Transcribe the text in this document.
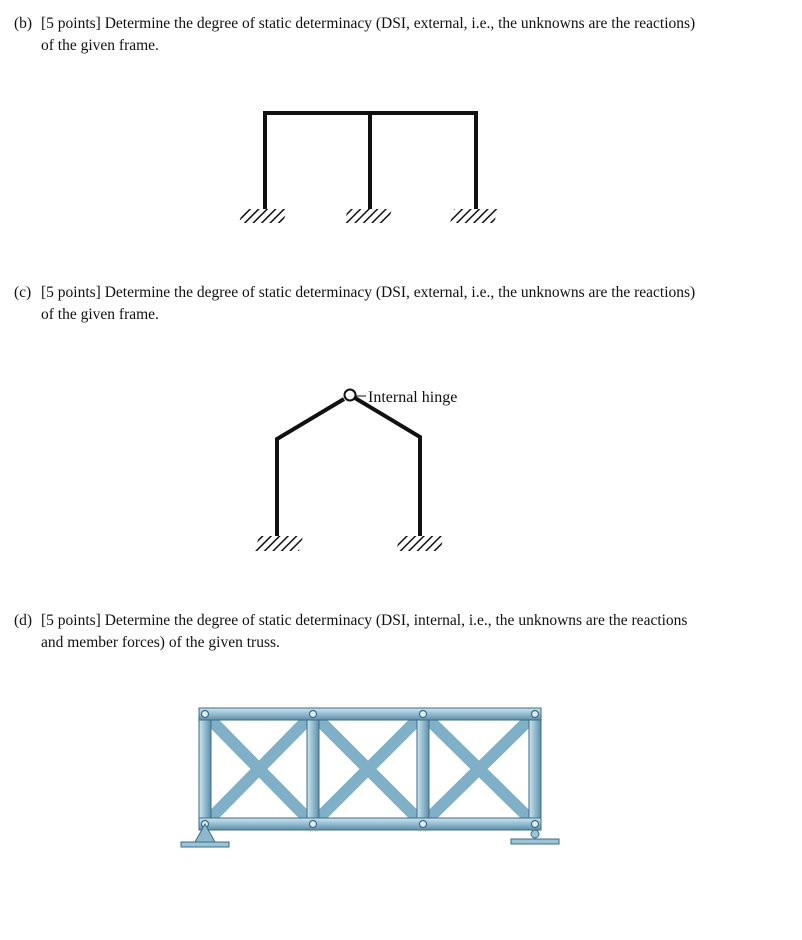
(b) [5 points] Determine the degree of static determinacy (DSI, external, i.e., the unknowns are the reactions)
of the given frame.
(c) [5 points] Determine the degree of static determinacy (DSI, external, i.e., the unknowns are the reactions)
of the given frame.
Internal hinge
(d) [5 points] Determine the degree of static determinacy (DSI, internal, i.e., the unknowns are the reactions
and member forces) of the given truss.
